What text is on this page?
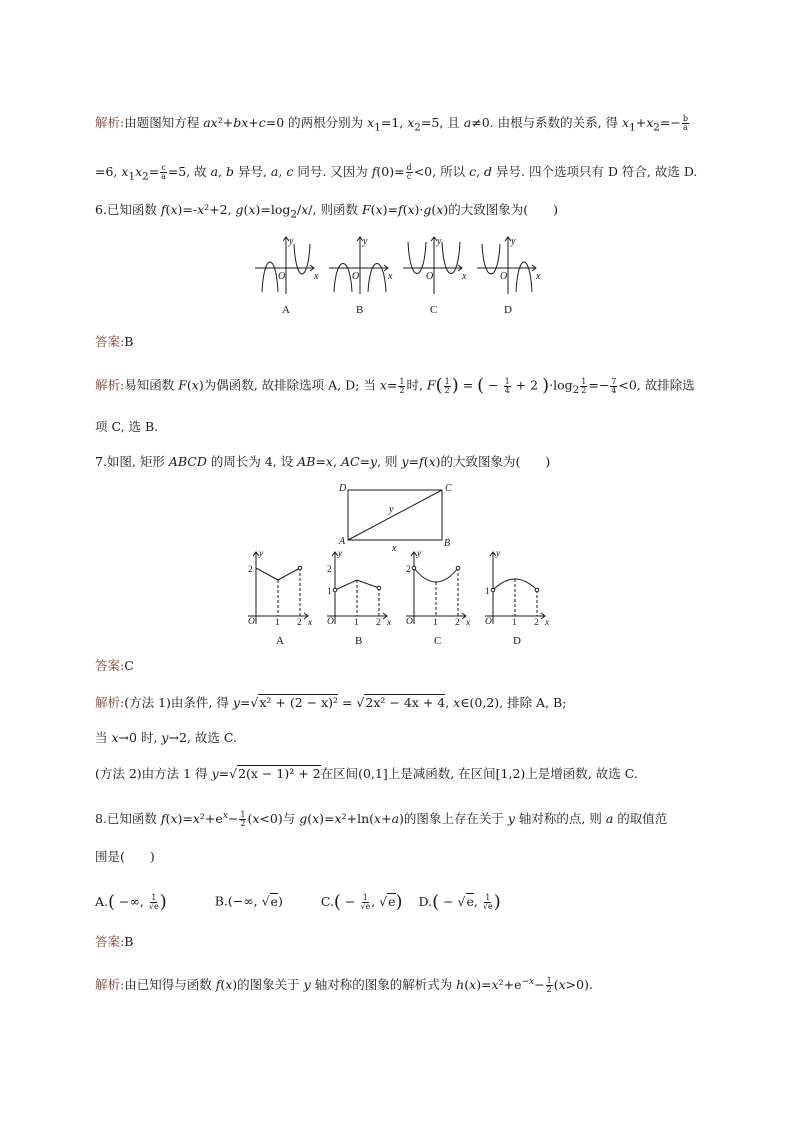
解析:由题图知方程 ax²+bx+c=0 的两根分别为 $x_1=1$, $x_2=5$, 且 a≠0. 由根与系数的关系, 得 $x_1+x_2=- \frac{b}{a}$
=6, $x_1x_2= \frac{c}{a} =5$, 故 a, b 异号, a, c 同号. 又因为 $f(0)= \frac{d}{c} <0$, 所以 c, d 异号. 四个选项只有 D 符合, 故选 D.
6.已知函数 f(x)=-x²+2, $g(x)=\log_2/x/$, 则函数 F(x)=f(x)·g(x)的大致图象为(　　)
y
x
O
y
x
O
y
x
O
y
x
O
A	B	C	D
答案:B
解析:易知函数 F(x)为偶函数, 故排除选项 A, D; 当 $x= \frac{1}{2}$ 时, $F( \frac{1}{2}$ ) = ( − $\frac{1}{4} + 2$ )$\cdot\log_2 \frac{1}{2} =- \frac{7}{4} <0$, 故排除选
项 C, 选 B.
7.如图, 矩形 ABCD 的周长为 4, 设 AB=x, AC=y, 则 y=f(x)的大致图象为(　　)
D	C
A	B
x
y
y
x
O
2
1 2
y
x
O
2
1
1 2
y
x
O
2
1 2
y
x
O
1
1 2
A	B	C	D
答案:C
解析:(方法 1)由条件, 得 y=√x² + (2 − x)² = √2x² − 4x + 4, x∈(0,2), 排除 A, B;
当 x→0 时, y→2, 故选 C.
(方法 2)由方法 1 得 y=√2(x − 1)² + 2在区间(0,1]上是减函数, 在区间[1,2)上是增函数, 故选 C.
8.已知函数 $f(x)=x^2+e^x- \frac{1}{2} (x<0)$与 g(x)=x²+ln(x+a)的图象上存在关于 y 轴对称的点, 则 a 的取值范
围是(　　)
A.( −∞, $\frac{1}{√e}$ )	B.(−∞, √e)	$C.( - \frac{1}{√e}$ , √e) D.( − √e, $\frac{1}{√e}$ )
答案:B
解析:由已知得与函数 f(x)的图象关于 y 轴对称的图象的解析式为 $h(x)=x^2+e^{-x}- \frac{1}{2} (x>0)$.
